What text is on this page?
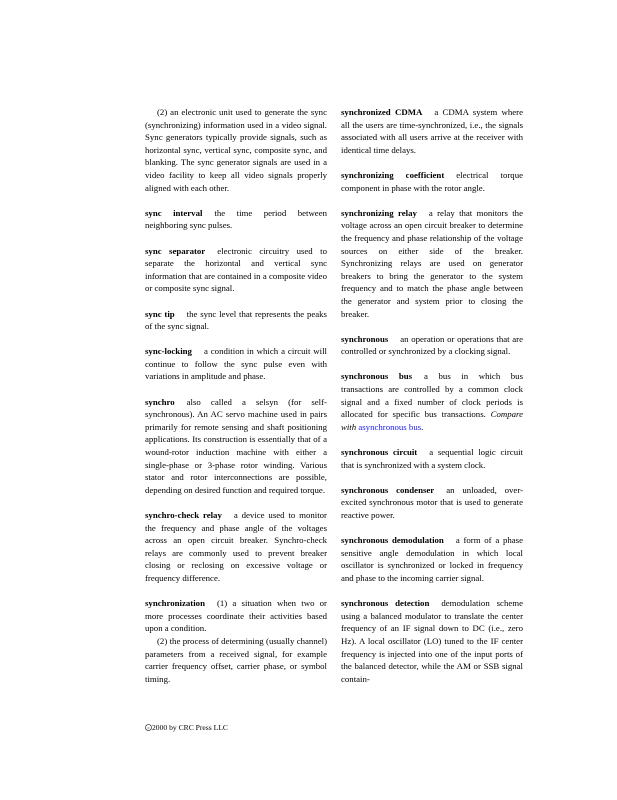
(2) an electronic unit used to generate the sync (synchronizing) information used in a video signal. Sync generators typically provide signals, such as horizontal sync, vertical sync, composite sync, and blanking. The sync generator signals are used in a video facility to keep all video signals properly aligned with each other.

sync interval the time period between neighboring sync pulses.
sync separator electronic circuitry used to separate the horizontal and vertical sync information that are contained in a composite video or composite sync signal.
sync tip the sync level that represents the peaks of the sync signal.
sync-locking a condition in which a circuit will continue to follow the sync pulse even with variations in amplitude and phase.
synchro also called a selsyn (for self-synchronous). An AC servo machine used in pairs primarily for remote sensing and shaft positioning applications. Its construction is essentially that of a wound-rotor induction machine with either a single-phase or 3-phase rotor winding. Various stator and rotor interconnections are possible, depending on desired function and required torque.
synchro-check relay a device used to monitor the frequency and phase angle of the voltages across an open circuit breaker. Synchro-check relays are commonly used to prevent breaker closing or reclosing on excessive voltage or frequency difference.

synchronization (1) a situation when two or more processes coordinate their activities based upon a condition.

(2) the process of determining (usually channel) parameters from a received signal, for example carrier frequency offset, carrier phase, or symbol timing.

synchronized CDMA a CDMA system where all the users are time-synchronized, i.e., the signals associated with all users arrive at the receiver with identical time delays.
synchronizing coefficient electrical torque component in phase with the rotor angle.
synchronizing relay a relay that monitors the voltage across an open circuit breaker to determine the frequency and phase relationship of the voltage sources on either side of the breaker. Synchronizing relays are used on generator breakers to bring the generator to the system frequency and to match the phase angle between the generator and system prior to closing the breaker.
synchronous an operation or operations that are controlled or synchronized by a clocking signal.
synchronous bus a bus in which bus transactions are controlled by a common clock signal and a fixed number of clock periods is allocated for specific bus transactions. Compare with asynchronous bus.
synchronous circuit a sequential logic circuit that is synchronized with a system clock.
synchronous condenser an unloaded, over-excited synchronous motor that is used to generate reactive power.
synchronous demodulation a form of a phase sensitive angle demodulation in which local oscillator is synchronized or locked in frequency and phase to the incoming carrier signal.
synchronous detection demodulation scheme using a balanced modulator to translate the center frequency of an IF signal down to DC (i.e., zero Hz). A local oscillator (LO) tuned to the IF center frequency is injected into one of the input ports of the balanced detector, while the AM or SSB signal contain-
c 2000 by CRC Press LLC
